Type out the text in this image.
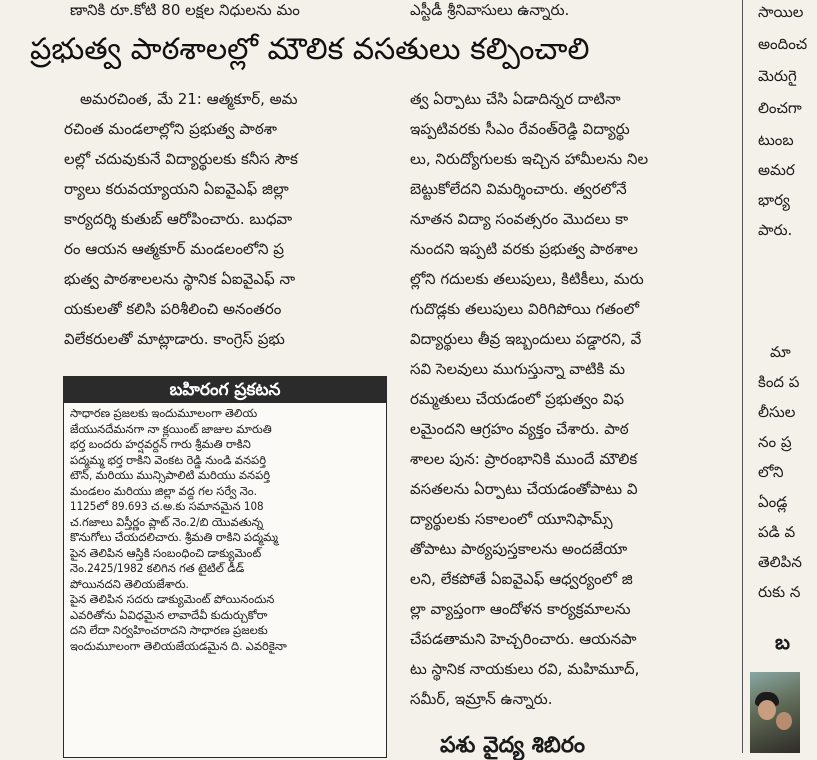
ణానికి రూ.కోటి 80 లక్షల నిధులను మం	ఎస్టీడీ శ్రీనివాసులు ఉన్నారు.
ప్రభుత్వ పాఠశాలల్లో మౌలిక వసతులు కల్పించాలి
అమరచింత, మే 21: ఆత్మకూర్, అమ
రచింత మండలాల్లోని ప్రభుత్వ పాఠశా
లల్లో చదువుకునే విద్యార్థులకు కనీస సౌక
ర్యాలు కరువయ్యాయని ఏఐవైఎఫ్ జిల్లా
కార్యదర్శి కుతుబ్ ఆరోపించారు. బుధవా
రం ఆయన ఆత్మకూర్ మండలంలోని ప్ర
భుత్వ పాఠశాలలను స్థానిక ఏఐవైఎఫ్ నా
యకులతో కలిసి పరిశీలించి అనంతరం
విలేకరులతో మాట్లాడారు. కాంగ్రెస్ ప్రభు
బహిరంగ ప్రకటన
సాధారణ ప్రజలకు ఇందుమూలంగా తెలియ
జేయునదేమనగా నా క్లయింట్ జాజుల మారుతి
భర్త బందరు హర్షవర్దన్ గారు శ్రీమతి రాకిని
పద్మమ్మ భర్త రాకిని వెంకట రెడ్డి నుండి వనపర్తి
టౌన్, మరియు మున్సిపాలిటి మరియు వనపర్తి
మండలం మరియు జిల్లా వద్ద గల సర్వే నెం.
1125లో 89.693 చ.అ.కు సమానమైన 108
చ.గజాలు విస్తీర్ణం ప్లాట్ నెం.2/బి యొవతున్న
కొనుగోలు చేయదలిచారు. శ్రీమతి రాకిని పద్మమ్మ
పైన తెలిపిన ఆస్తికి సంబంధించి డాక్యుమెంట్
నెం.2425/1982 కలిగిన గత టైటిల్ డీడ్
పోయినదని తెలియజేశారు.
పైన తెలిపిన సదరు డాక్యుమెంట్ పోయినందున
ఎవరితోను ఏవిధమైన లావాదేవీ కుదుర్చుకోరా
దని లేదా నిర్వహించరాదని సాధారణ ప్రజలకు
ఇందుమూలంగా తెలియజేయడమైన ది. ఎవరికైనా
త్వ ఏర్పాటు చేసి ఏడాదిన్నర దాటినా
ఇప్పటివరకు సీఎం రేవంత్‌రెడ్డి విద్యార్థు
లు, నిరుద్యోగులకు ఇచ్చిన హామీలను నిల
బెట్టుకోలేదని విమర్శించారు. త్వరలోనే
నూతన విద్యా సంవత్సరం మొదలు కా
నుందని ఇప్పటి వరకు ప్రభుత్వ పాఠశాల
ల్లోని గదులకు తలుపులు, కిటికీలు, మరు
గుదొడ్లకు తలుపులు విరిగిపోయి గతంలో
విద్యార్థులు తీవ్ర ఇబ్బందులు పడ్డారని, వే
సవి సెలవులు ముగుస్తున్నా వాటికి మ
రమ్మతులు చేయడంలో ప్రభుత్వం విఫ
లమైందని ఆగ్రహం వ్యక్తం చేశారు. పాఠ
శాలల పున: ప్రారంభానికి ముందే మౌలిక
వసతలను ఏర్పాటు చేయడంతోపాటు వి
ద్యార్థులకు సకాలంలో యూనిఫామ్స్
తోపాటు పాఠ్యపుస్తకాలను అందజేయా
లని, లేకపోతే ఏఐవైఎఫ్ ఆధ్వర్యంలో జి
ల్లా వ్యాప్తంగా ఆందోళన కార్యక్రమాలను
చేపడతామని హెచ్చరించారు. ఆయనపా
టు స్థానిక నాయకులు రవి, మహిమూద్,
సమీర్, ఇమ్రాన్ ఉన్నారు.
పశు వైద్య శిబిరం
సాయిల
అందించ
మెరుగై
లించగా
టుంబ
అమర
భార్య
పారు.
మా
కింద ప
లీసుల
నం ప్ర
లోని
ఏండ్ల
పడి వ
తెలిపిన
రుకు న
బ
